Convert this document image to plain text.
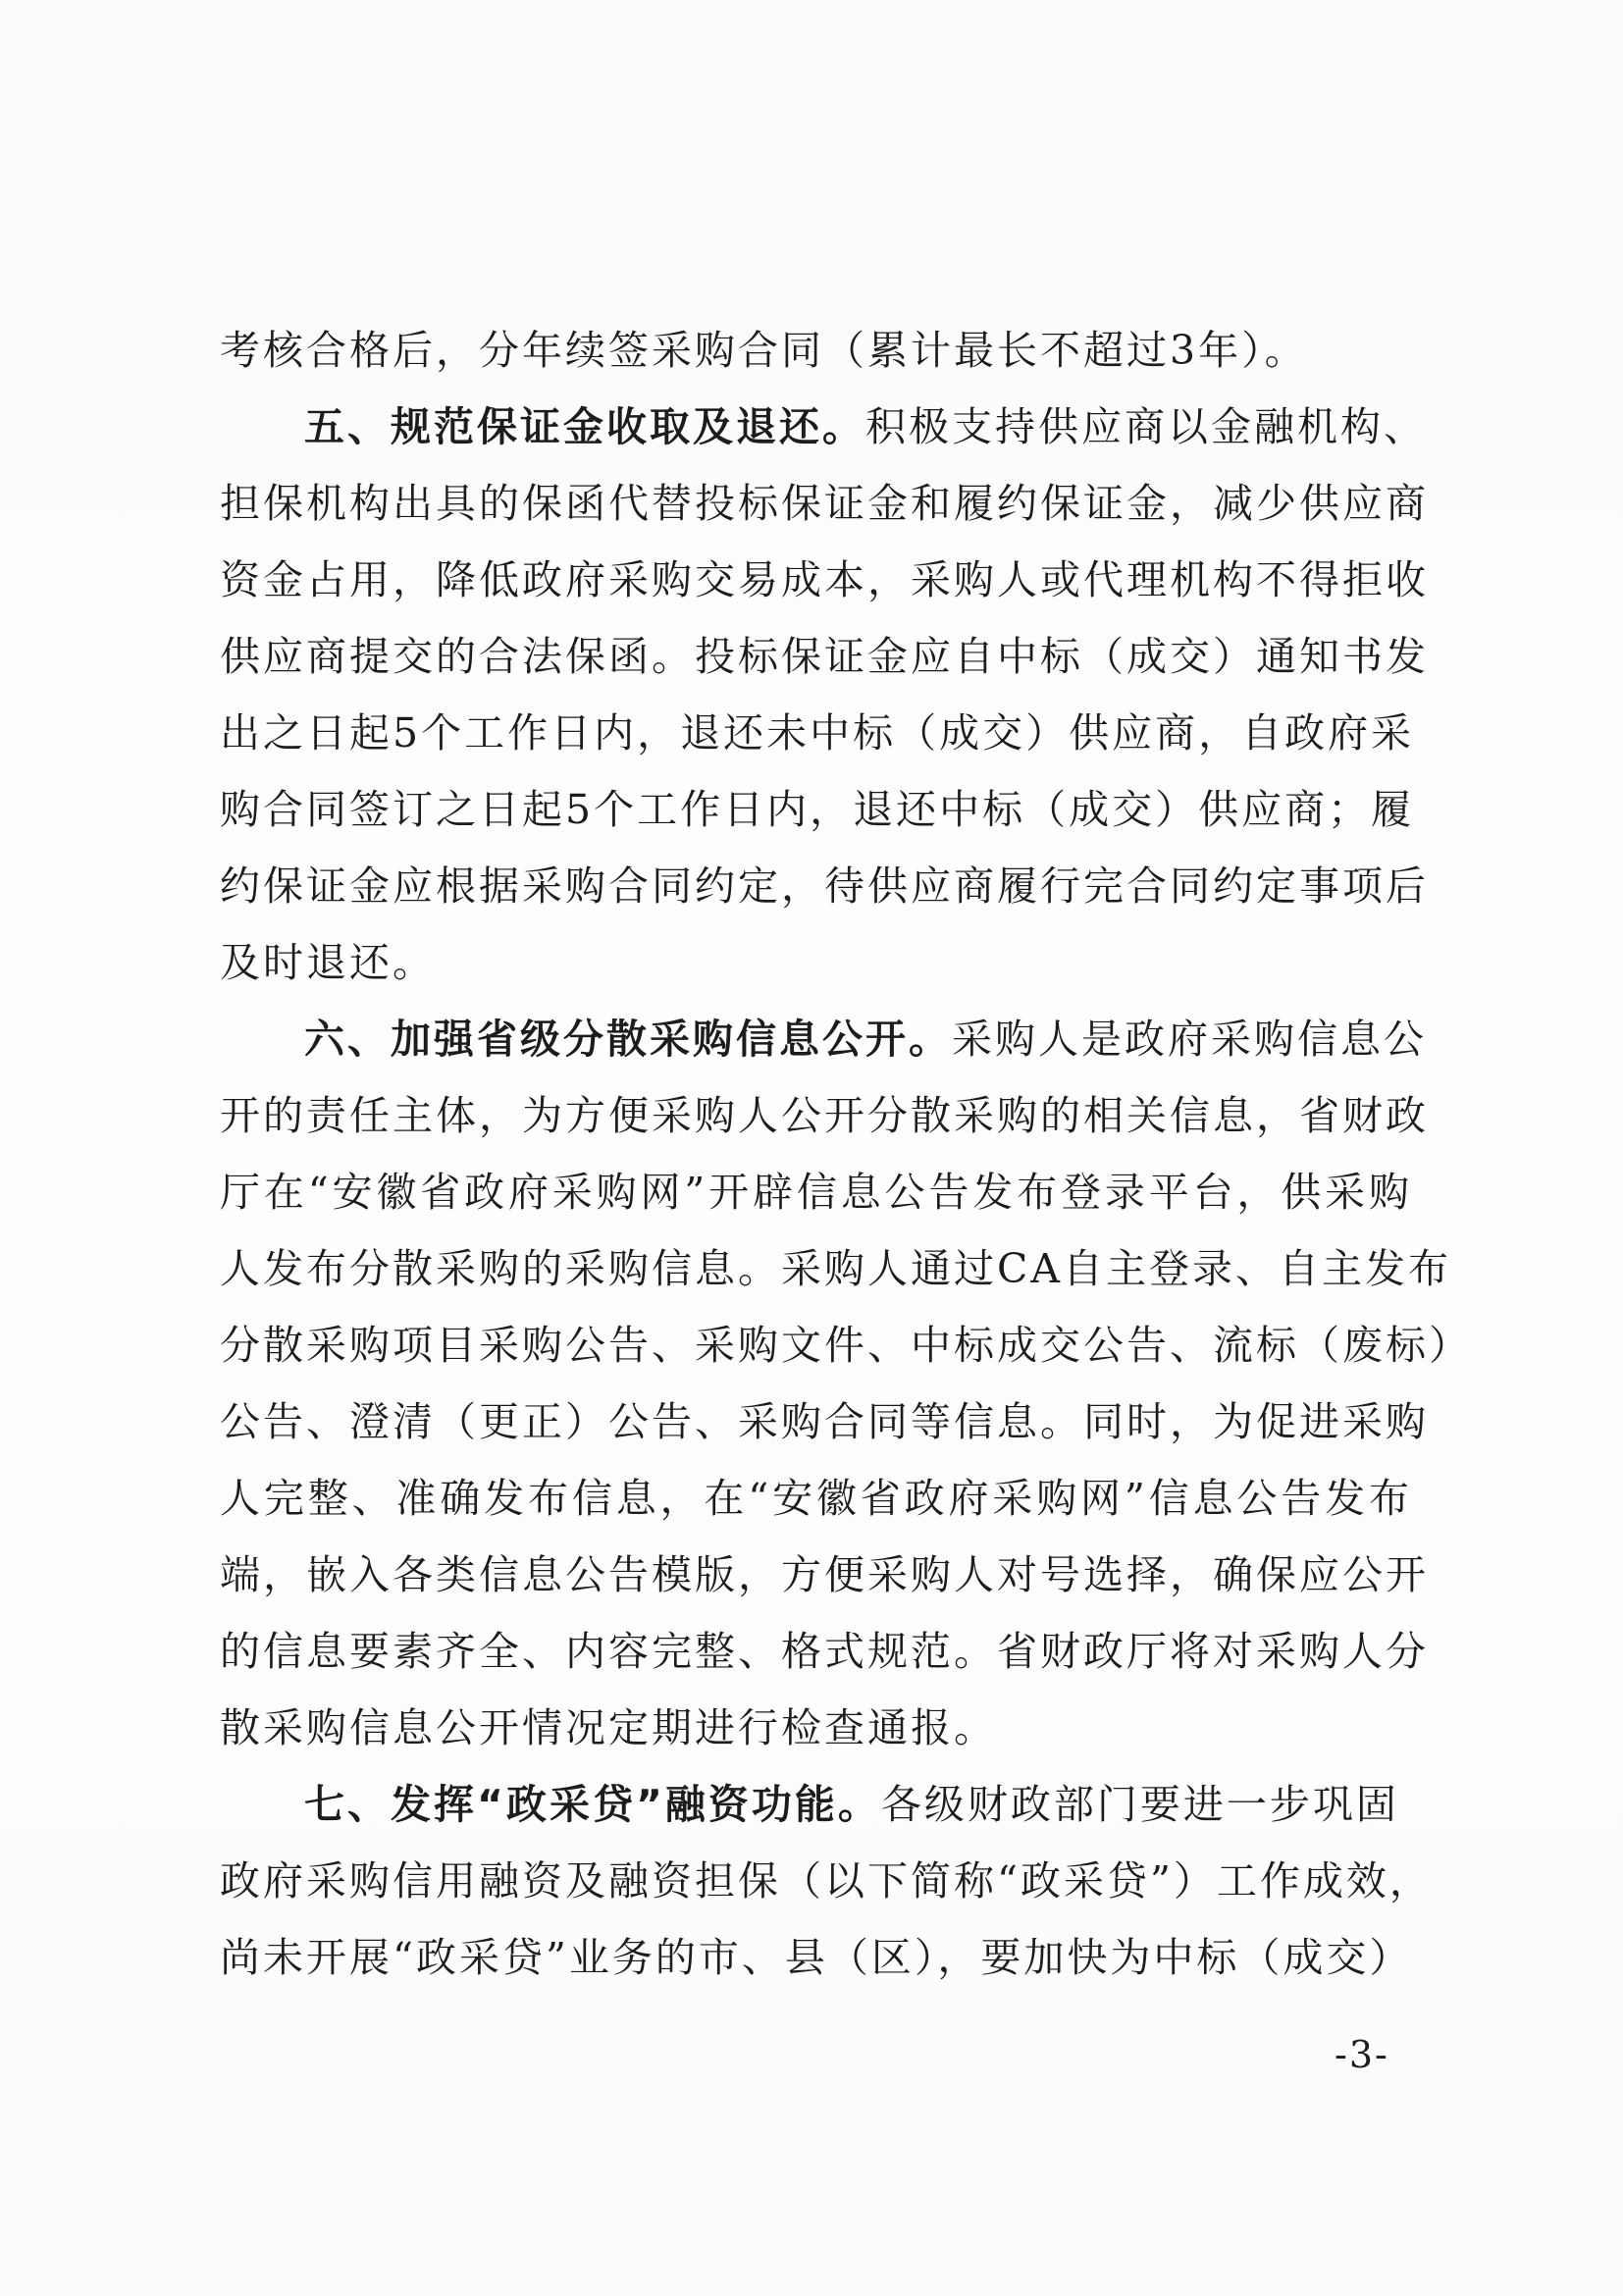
考核合格后，分年续签采购合同（累计最长不超过3年）。
五、规范保证金收取及退还。积极支持供应商以金融机构、
担保机构出具的保函代替投标保证金和履约保证金，减少供应商
资金占用，降低政府采购交易成本，采购人或代理机构不得拒收
供应商提交的合法保函。投标保证金应自中标（成交）通知书发
出之日起5个工作日内，退还未中标（成交）供应商，自政府采
购合同签订之日起5个工作日内，退还中标（成交）供应商；履
约保证金应根据采购合同约定，待供应商履行完合同约定事项后
及时退还。
六、加强省级分散采购信息公开。采购人是政府采购信息公
开的责任主体，为方便采购人公开分散采购的相关信息，省财政
厅在“安徽省政府采购网”开辟信息公告发布登录平台，供采购
人发布分散采购的采购信息。采购人通过CA自主登录、自主发布
分散采购项目采购公告、采购文件、中标成交公告、流标（废标）
公告、澄清（更正）公告、采购合同等信息。同时，为促进采购
人完整、准确发布信息，在“安徽省政府采购网”信息公告发布
端，嵌入各类信息公告模版，方便采购人对号选择，确保应公开
的信息要素齐全、内容完整、格式规范。省财政厅将对采购人分
散采购信息公开情况定期进行检查通报。
七、发挥“政采贷”融资功能。各级财政部门要进一步巩固
政府采购信用融资及融资担保（以下简称“政采贷”）工作成效，
尚未开展“政采贷”业务的市、县（区），要加快为中标（成交）
-3-
